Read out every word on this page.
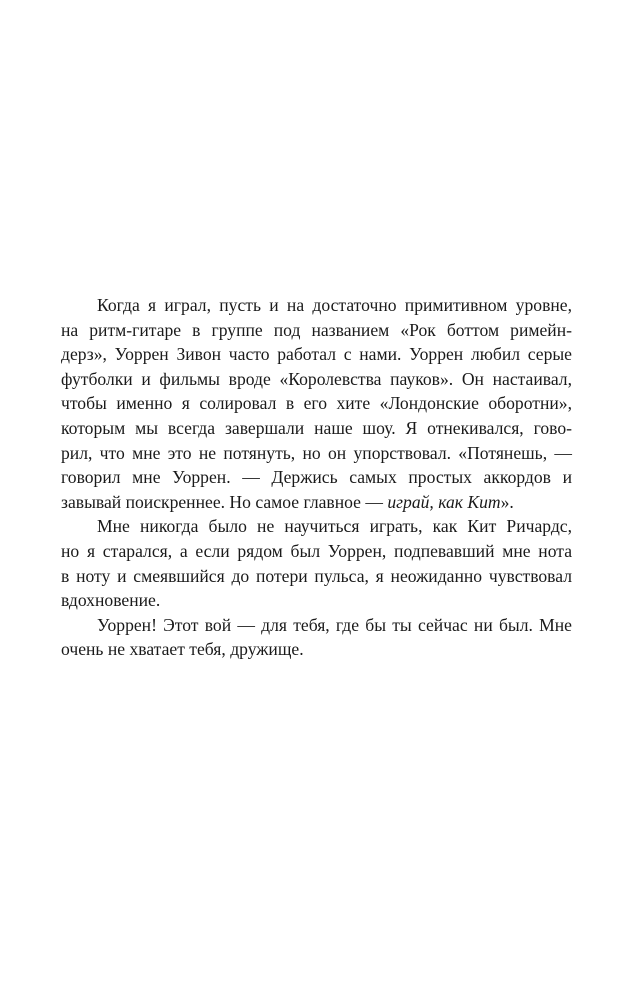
Когда я играл, пусть и на достаточно примитивном уровне,
на ритм-гитаре в группе под названием «Рок боттом римейн-
дерз», Уоррен Зивон часто работал с нами. Уоррен любил серые
футболки и фильмы вроде «Королевства пауков». Он настаивал,
чтобы именно я солировал в его хите «Лондонские оборотни»,
которым мы всегда завершали наше шоу. Я отнекивался, гово-
рил, что мне это не потянуть, но он упорствовал. «Потянешь, —
говорил мне Уоррен. — Держись самых простых аккордов и
завывай поискреннее. Но самое главное — играй, как Кит».

Мне никогда было не научиться играть, как Кит Ричардс,
но я старался, а если рядом был Уоррен, подпевавший мне нота
в ноту и смеявшийся до потери пульса, я неожиданно чувствовал
вдохновение.

Уоррен! Этот вой — для тебя, где бы ты сейчас ни был. Мне
очень не хватает тебя, дружище.
